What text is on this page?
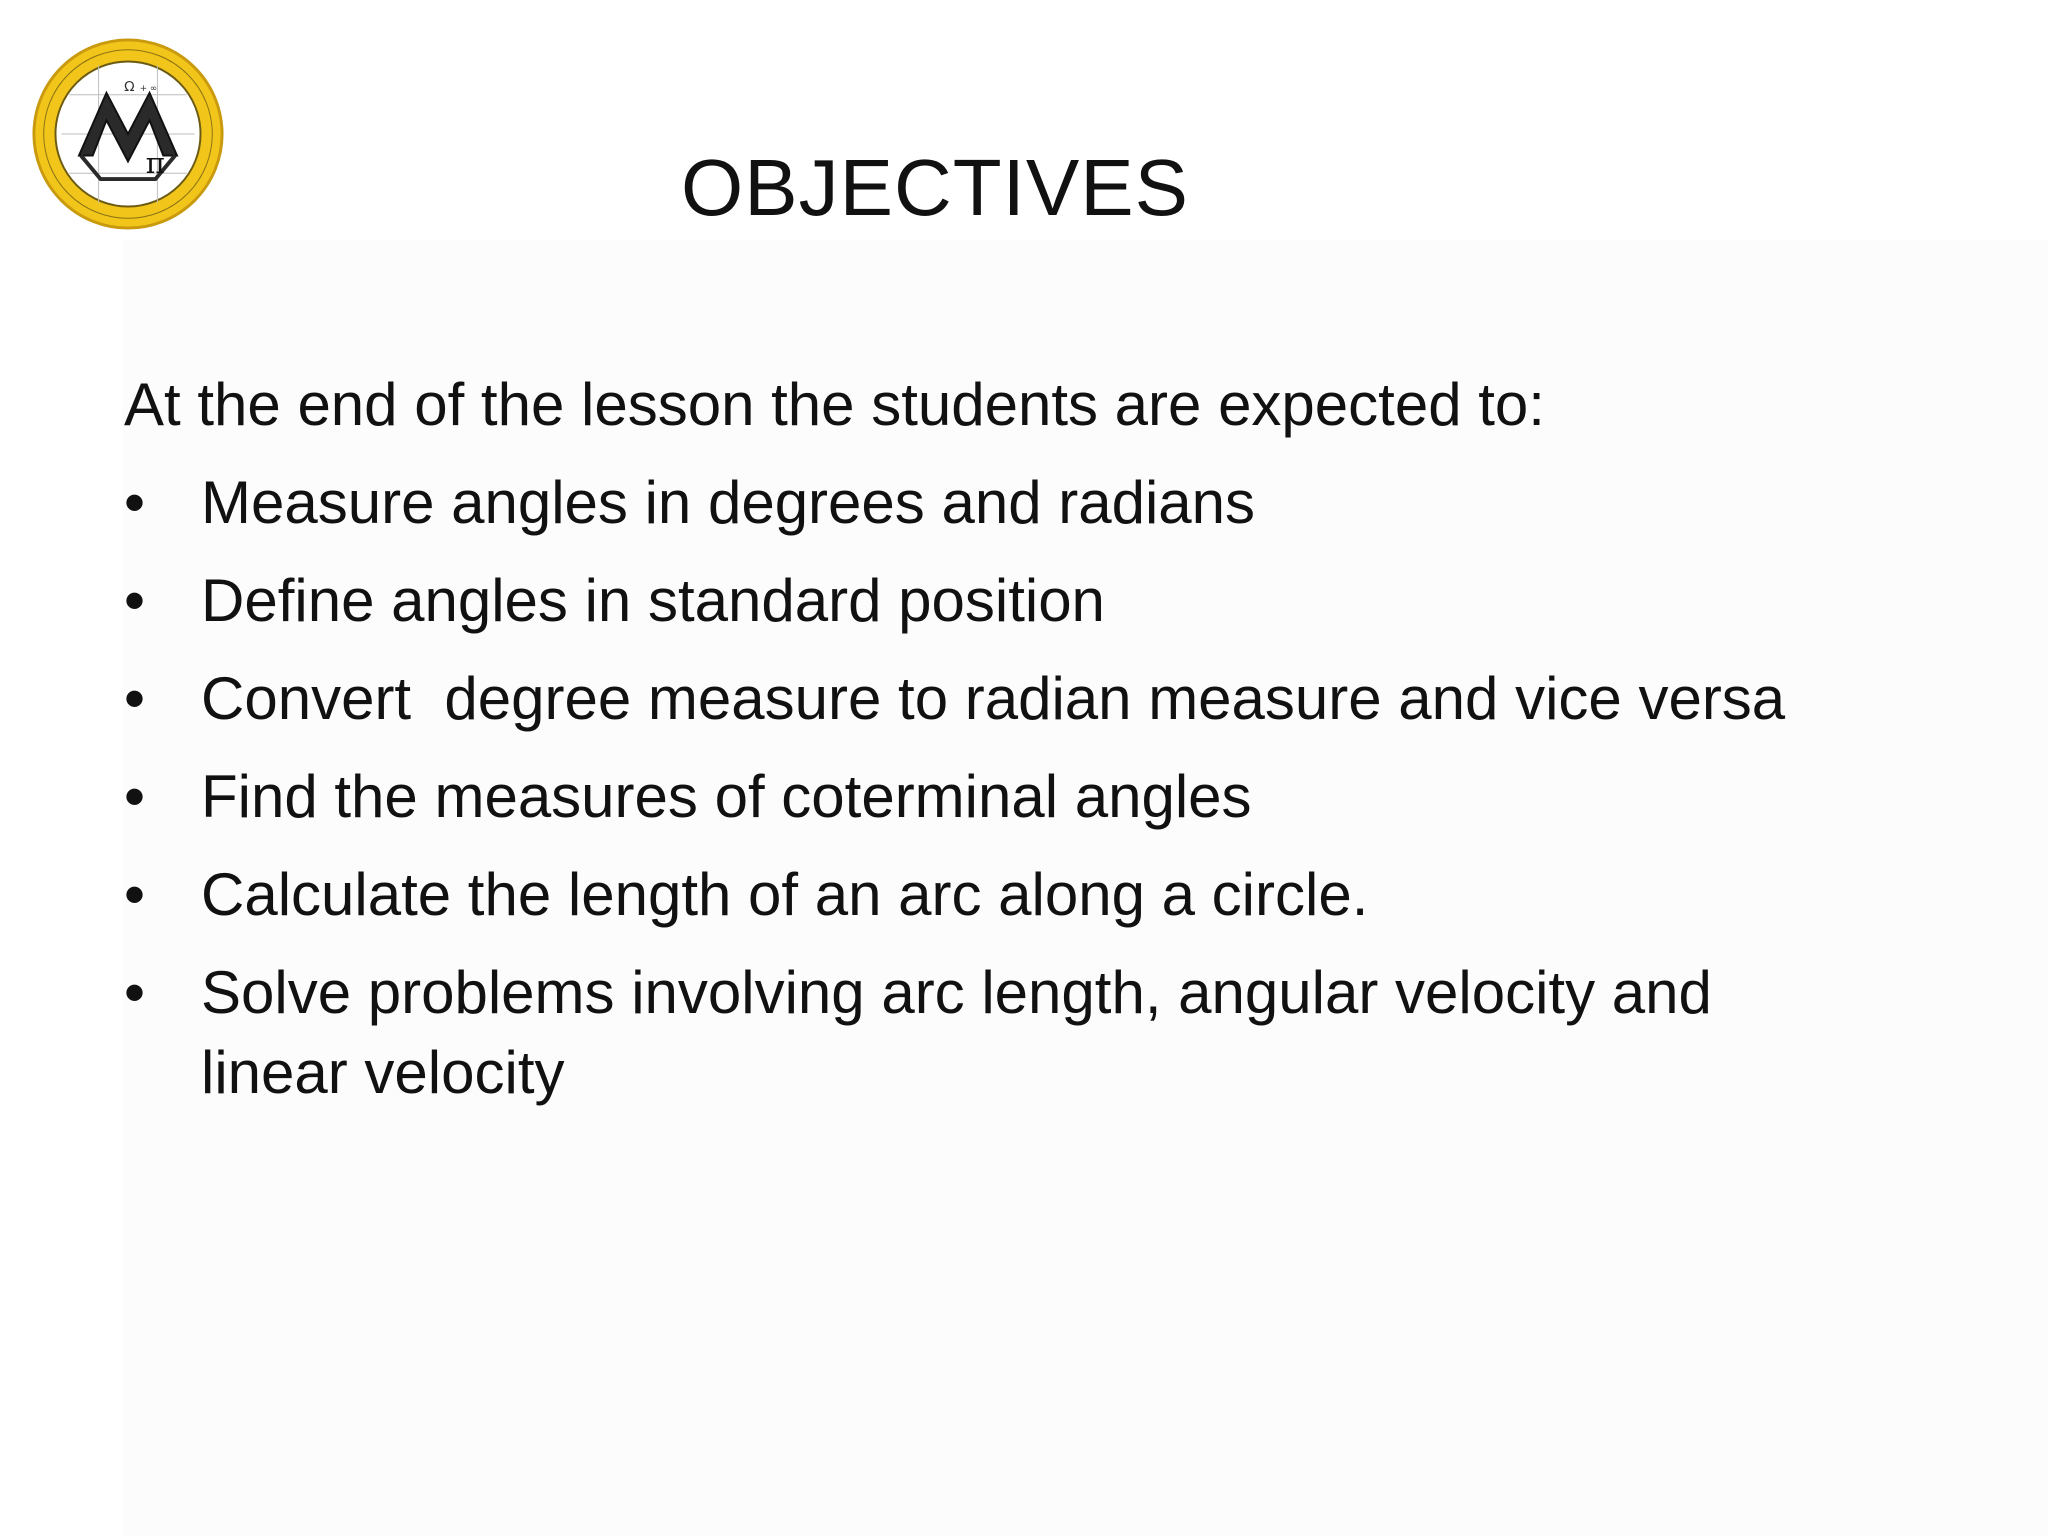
π
Ω + ∞
OBJECTIVES

At the end of the lesson the students are expected to:

• Measure angles in degrees and radians
• Define angles in standard position
• Convert  degree measure to radian measure and vice versa
• Find the measures of coterminal angles
• Calculate the length of an arc along a circle.
• Solve problems involving arc length, angular velocity and linear velocity
